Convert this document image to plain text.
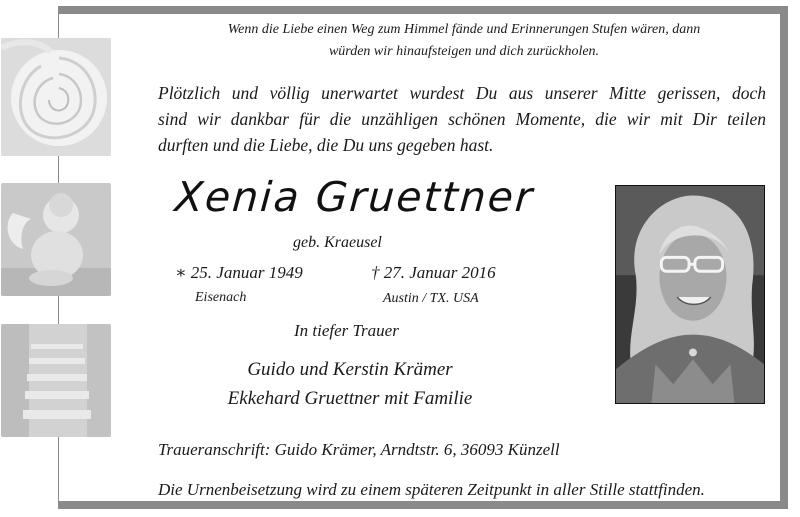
Wenn die Liebe einen Weg zum Himmel fände und Erinnerungen Stufen wären, dann
würden wir hinaufsteigen und dich zurückholen.
Plötzlich und völlig unerwartet wurdest Du aus unserer Mitte gerissen, doch
sind wir dankbar für die unzähligen schönen Momente, die wir mit Dir teilen
durften und die Liebe, die Du uns gegeben hast.
Xenia Gruettner
geb. Kraeusel
∗ 25. Januar 1949	† 27. Januar 2016
Eisenach	Austin / TX. USA
In tiefer Trauer
Guido und Kerstin Krämer
Ekkehard Gruettner mit Familie
Traueranschrift: Guido Krämer, Arndtstr. 6, 36093 Künzell
Die Urnenbeisetzung wird zu einem späteren Zeitpunkt in aller Stille stattfinden.
